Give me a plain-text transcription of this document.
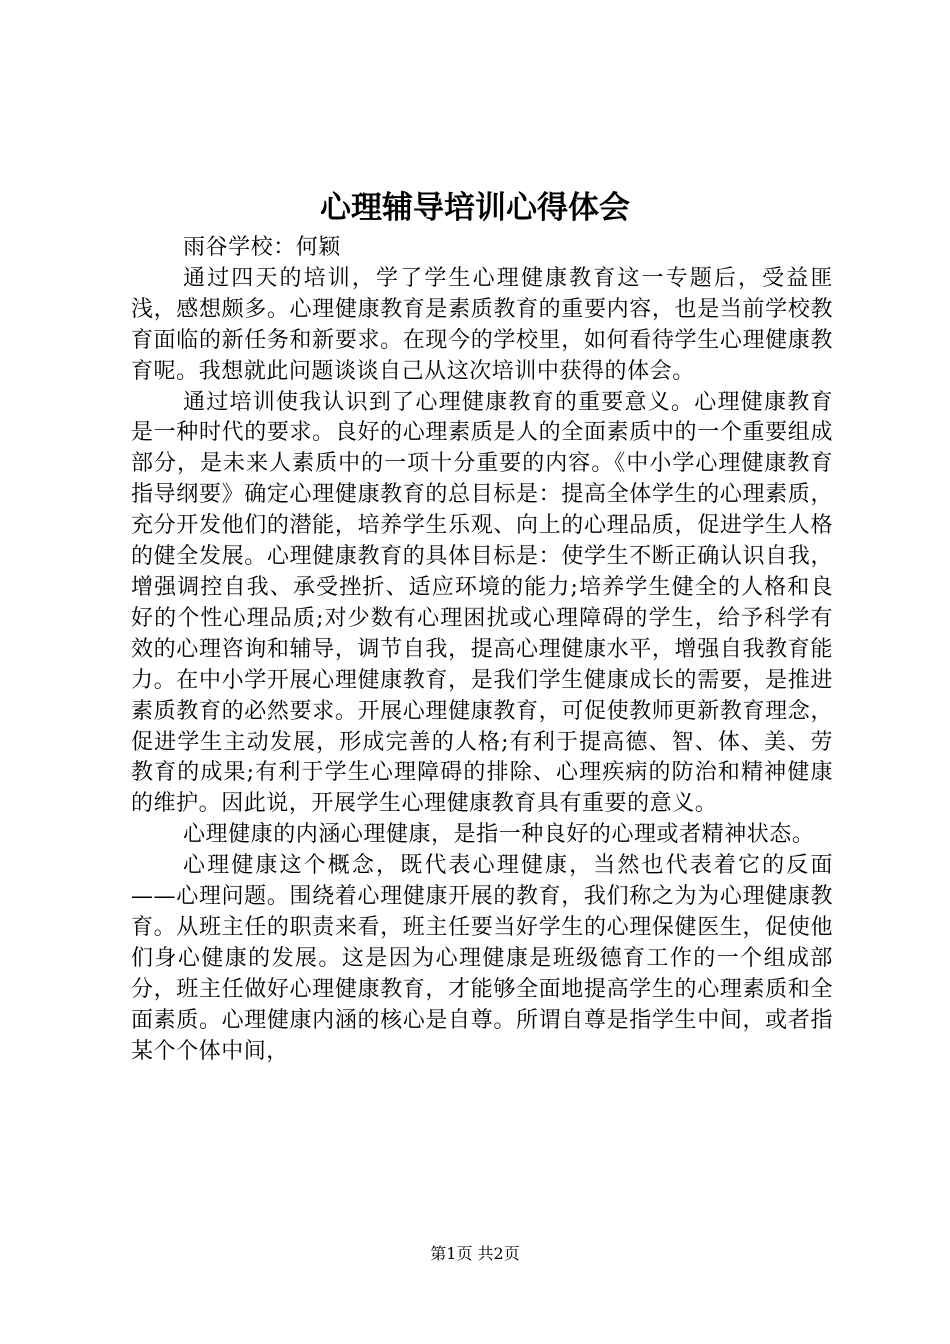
心理辅导培训心得体会

雨谷学校：何颖

通过四天的培训，学了学生心理健康教育这一专题后，受益匪浅，感想颇多。心理健康教育是素质教育的重要内容，也是当前学校教育面临的新任务和新要求。在现今的学校里，如何看待学生心理健康教育呢。我想就此问题谈谈自己从这次培训中获得的体会。

通过培训使我认识到了心理健康教育的重要意义。心理健康教育是一种时代的要求。良好的心理素质是人的全面素质中的一个重要组成部分，是未来人素质中的一项十分重要的内容。《中小学心理健康教育指导纲要》确定心理健康教育的总目标是：提高全体学生的心理素质，充分开发他们的潜能，培养学生乐观、向上的心理品质，促进学生人格的健全发展。心理健康教育的具体目标是：使学生不断正确认识自我，增强调控自我、承受挫折、适应环境的能力;培养学生健全的人格和良好的个性心理品质;对少数有心理困扰或心理障碍的学生，给予科学有效的心理咨询和辅导，调节自我，提高心理健康水平，增强自我教育能力。在中小学开展心理健康教育，是我们学生健康成长的需要，是推进素质教育的必然要求。开展心理健康教育，可促使教师更新教育理念，促进学生主动发展，形成完善的人格;有利于提高德、智、体、美、劳教育的成果;有利于学生心理障碍的排除、心理疾病的防治和精神健康的维护。因此说，开展学生心理健康教育具有重要的意义。

心理健康的内涵心理健康，是指一种良好的心理或者精神状态。

心理健康这个概念，既代表心理健康，当然也代表着它的反面——心理问题。围绕着心理健康开展的教育，我们称之为为心理健康教育。从班主任的职责来看，班主任要当好学生的心理保健医生，促使他们身心健康的发展。这是因为心理健康是班级德育工作的一个组成部分，班主任做好心理健康教育，才能够全面地提高学生的心理素质和全面素质。心理健康内涵的核心是自尊。所谓自尊是指学生中间，或者指某个个体中间，

第1页 共2页
